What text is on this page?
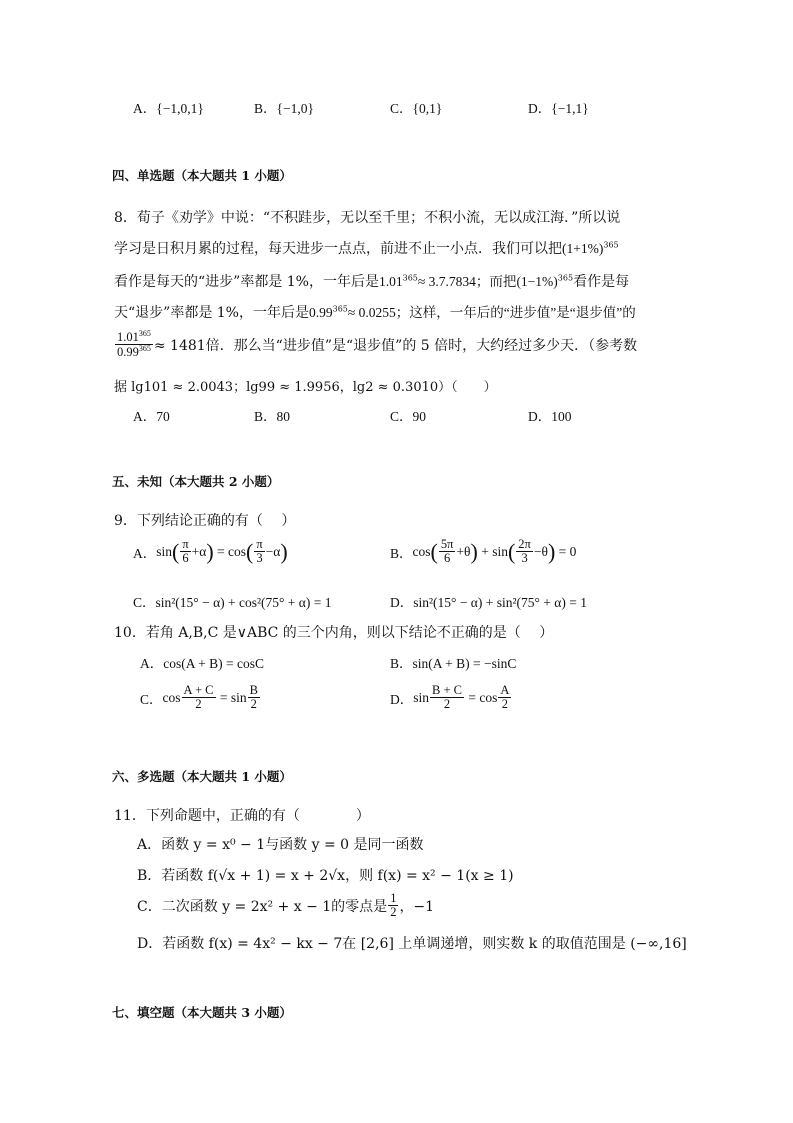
A．{−1,0,1}	B．{−1,0}	C．{0,1}	D．{−1,1}
四、单选题（本大题共 1 小题）
8．荀子《劝学》中说：“不积跬步，无以至千里；不积小流，无以成江海．”所以说
学习是日积月累的过程，每天进步一点点，前进不止一小点．我们可以把$(1+1\%)^{365}$
看作是每天的“进步”率都是 1%，一年后是$1.01^{365}\approx 3.7.7834$；而把$(1-1\%)^{365}$看作是每
天“退步”率都是 1%，一年后是$0.99^{365}\approx 0.0255$；这样，一年后的“进步值”是“退步值”的
$\frac{1.01^{365}}{0.99^{365}} \approx 1481$倍．那么当“进步值”是“退步值”的 5 倍时，大约经过多少天．（参考数
据 lg101 ≈ 2.0043；lg99 ≈ 1.9956，lg2 ≈ 0.3010）（　　）
A．70	B．80	C．90	D．100
五、未知（本大题共 2 小题）
9．下列结论正确的有（　 ）
A． sin ( $\frac{\pi}{6} +\alpha$ ) = cos ( $\frac{\pi}{3} -\alpha$ )	B． cos ( $\frac{5\pi}{6} +\theta$ ) + sin ( $\frac{2\pi}{3} -\theta$ ) = 0
C．sin²(15° − α) + cos²(75° + α) = 1	D．sin²(15° − α) + sin²(75° + α) = 1
10．若角 A,B,C 是∨ABC 的三个内角，则以下结论不正确的是（　 ）
A．cos(A + B) = cosC	B．sin(A + B) = −sinC
C． $\cos \frac{A + C}{2} = \sin \frac{B}{2}$	D． $\sin \frac{B + C}{2} = \cos \frac{A}{2}$
六、多选题（本大题共 1 小题）
11．下列命题中，正确的有（　　　　）
A．函数 y = x⁰ − 1与函数 y = 0 是同一函数
B．若函数 f(√x + 1) = x + 2√x，则 f(x) = x² − 1(x ≥ 1)
C．二次函数 y = 2x² + x − 1的零点是 $\frac{1}{2}$ ，−1
D．若函数 f(x) = 4x² − kx − 7在 [2,6] 上单调递增，则实数 k 的取值范围是 (−∞,16]
七、填空题（本大题共 3 小题）
